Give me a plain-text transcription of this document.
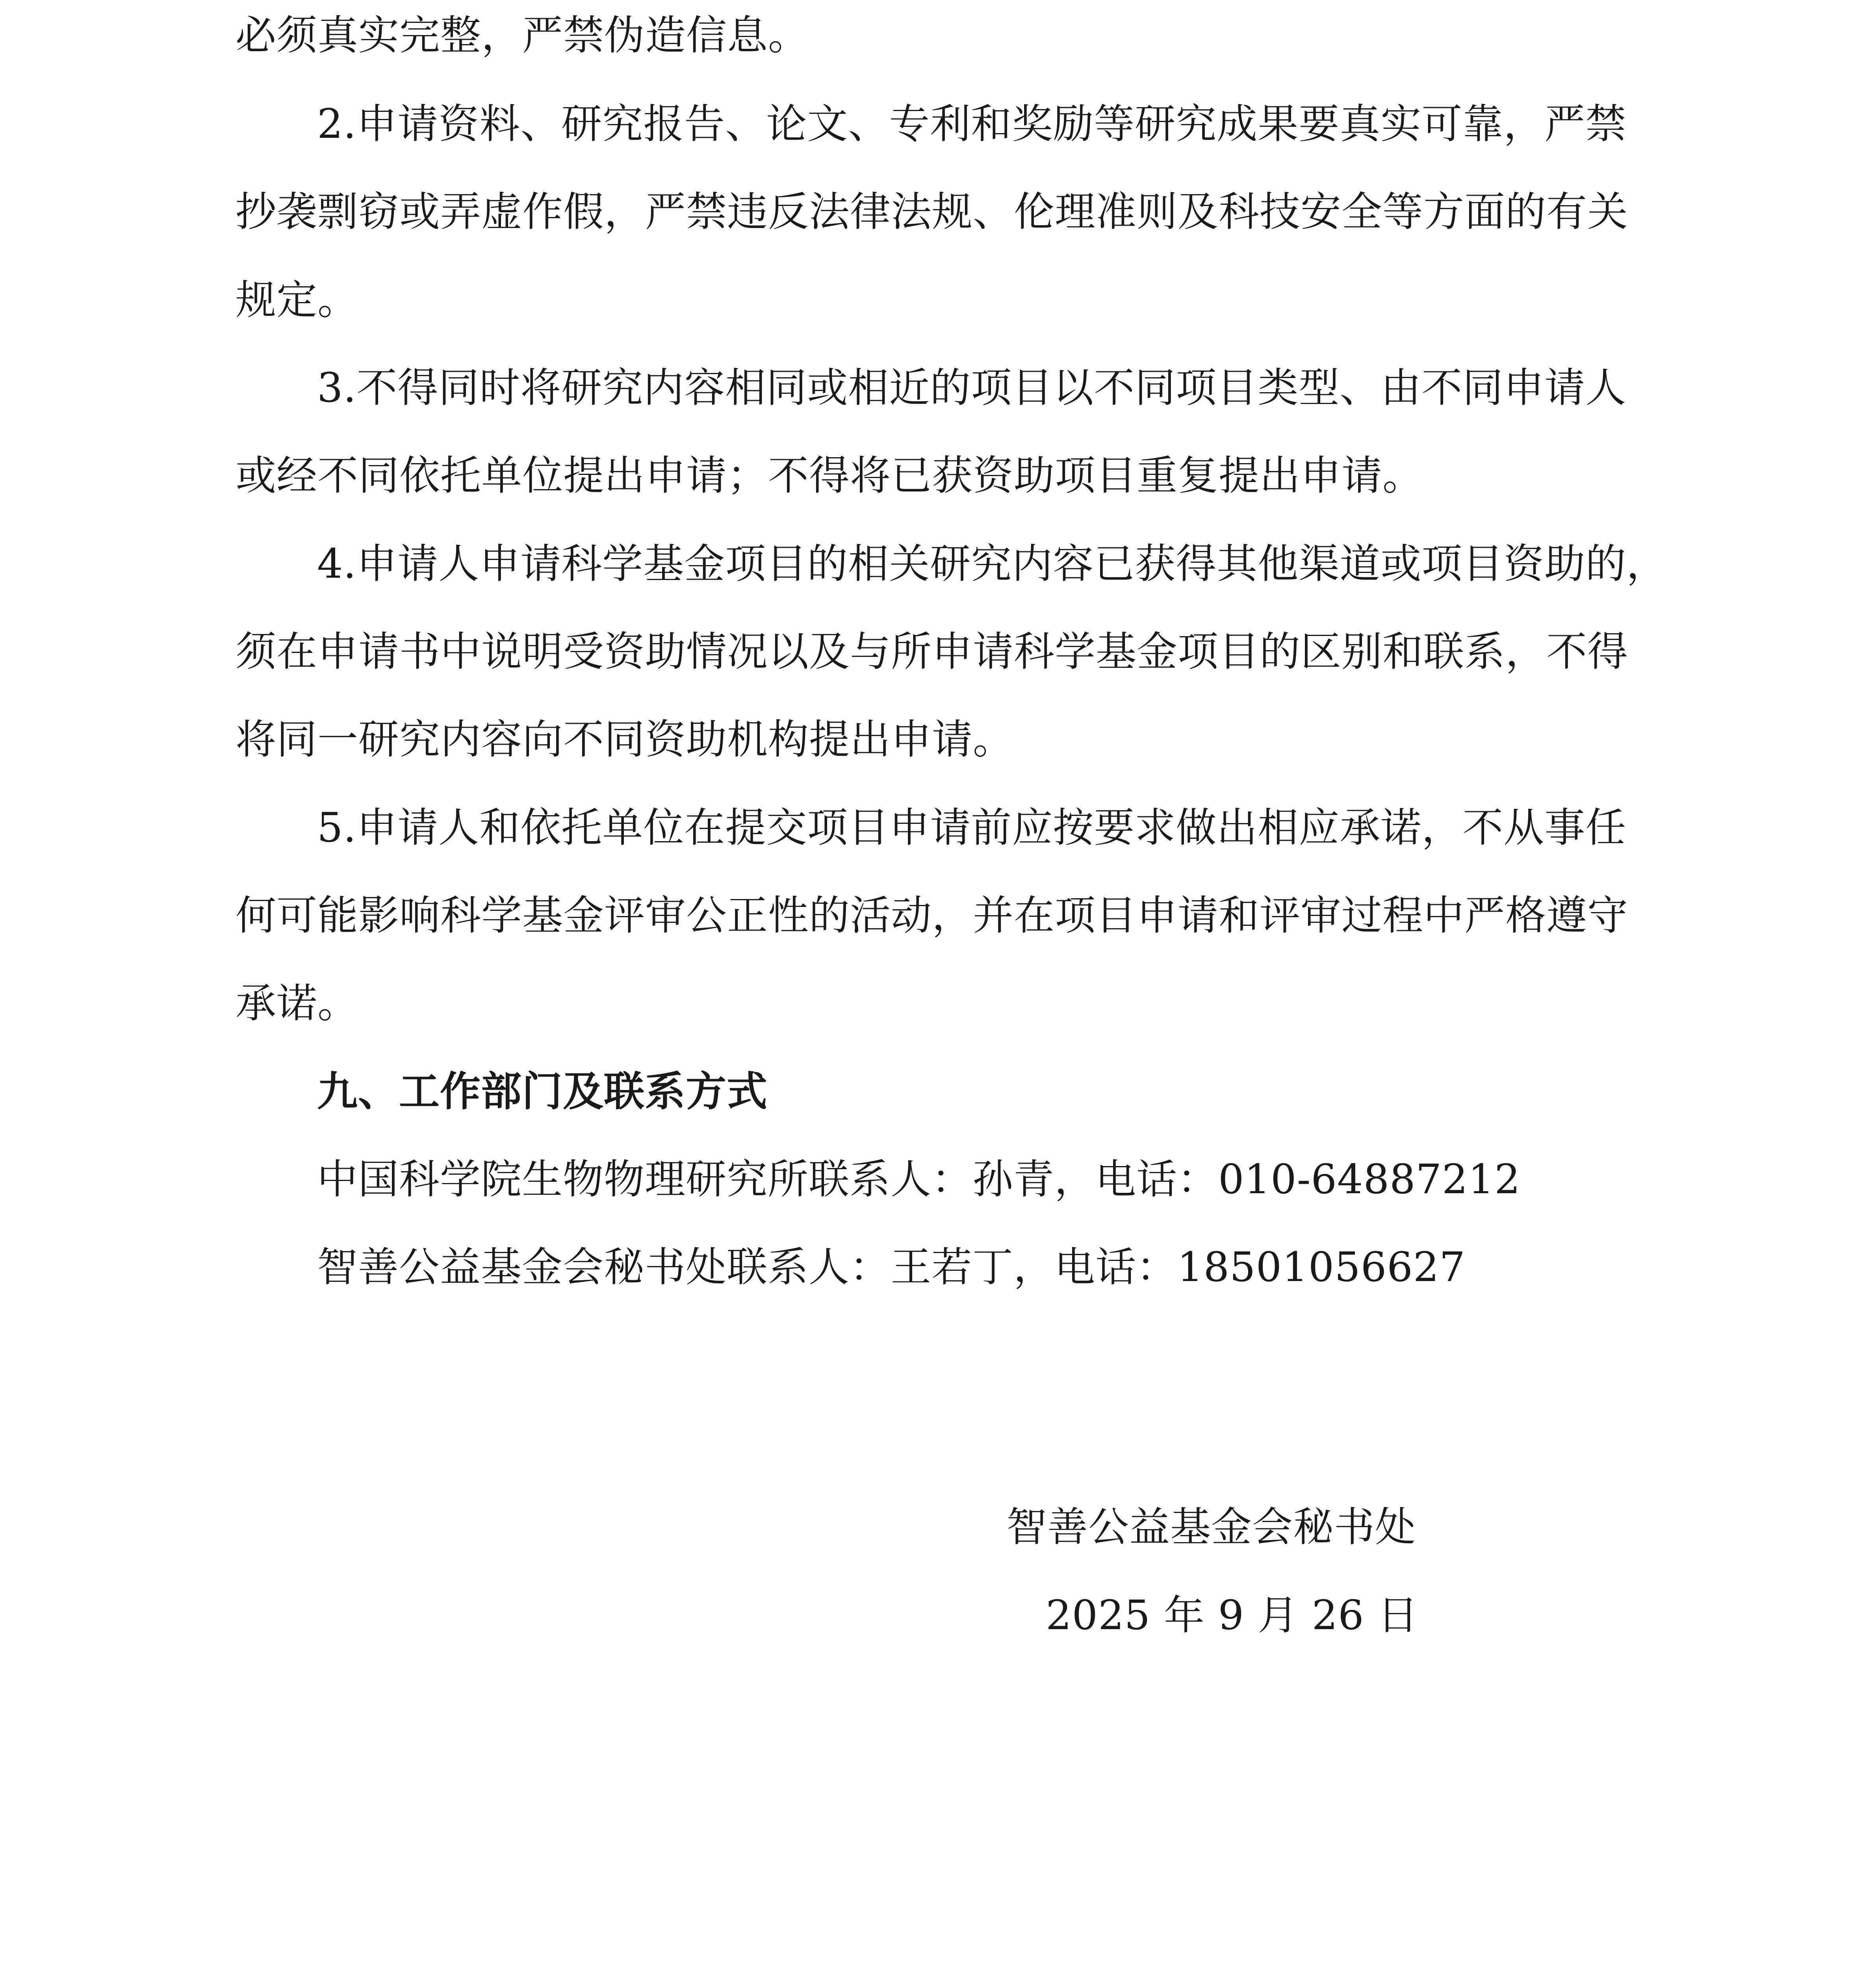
必须真实完整，严禁伪造信息。
2.申请资料、研究报告、论文、专利和奖励等研究成果要真实可靠，严禁
抄袭剽窃或弄虚作假，严禁违反法律法规、伦理准则及科技安全等方面的有关
规定。
3.不得同时将研究内容相同或相近的项目以不同项目类型、由不同申请人
或经不同依托单位提出申请；不得将已获资助项目重复提出申请。
4.申请人申请科学基金项目的相关研究内容已获得其他渠道或项目资助的，
须在申请书中说明受资助情况以及与所申请科学基金项目的区别和联系，不得
将同一研究内容向不同资助机构提出申请。
5.申请人和依托单位在提交项目申请前应按要求做出相应承诺，不从事任
何可能影响科学基金评审公正性的活动，并在项目申请和评审过程中严格遵守
承诺。
九、工作部门及联系方式
中国科学院生物物理研究所联系人：孙青，电话：010-64887212
智善公益基金会秘书处联系人：王若丁，电话：18501056627
智善公益基金会秘书处
2025 年 9 月 26 日
